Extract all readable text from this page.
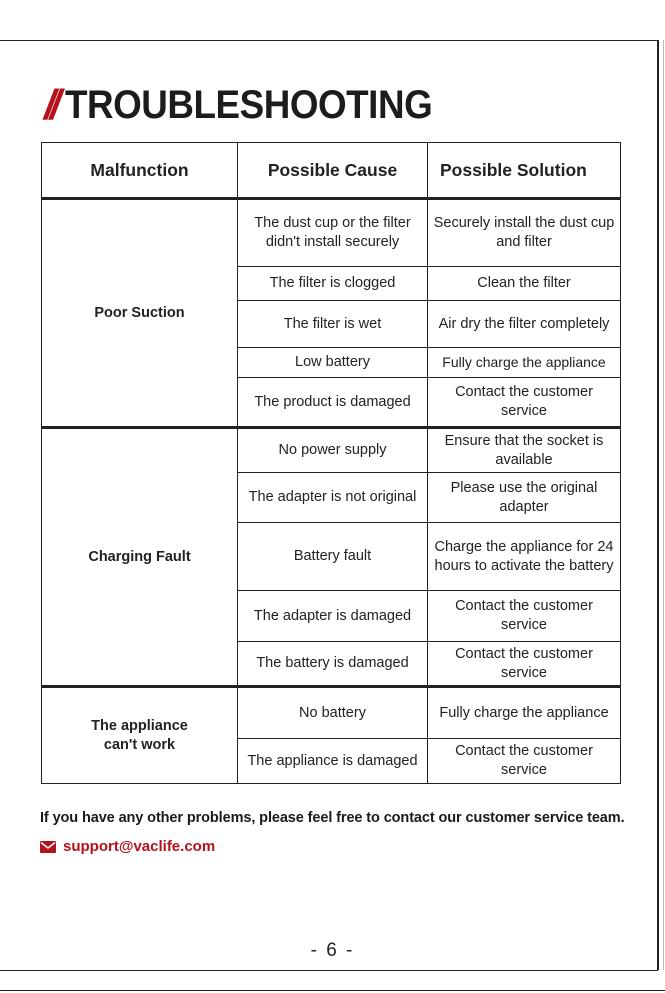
// TROUBLESHOOTING
Malfunction	Possible Cause	Possible Solution
Poor Suction	The dust cup or the filter didn't install securely	Securely install the dust cup and filter
	The filter is clogged	Clean the filter
	The filter is wet	Air dry the filter completely
	Low battery	Fully charge the appliance
	The product is damaged	Contact the customer service
Charging Fault	No power supply	Ensure that the socket is available
	The adapter is not original	Please use the original adapter
	Battery fault	Charge the appliance for 24 hours to activate the battery
	The adapter is damaged	Contact the customer service
	The battery is damaged	Contact the customer service
The appliance can't work	No battery	Fully charge the appliance
	The appliance is damaged	Contact the customer service
If you have any other problems, please feel free to contact our customer service team.
support@vaclife.com
- 6 -
